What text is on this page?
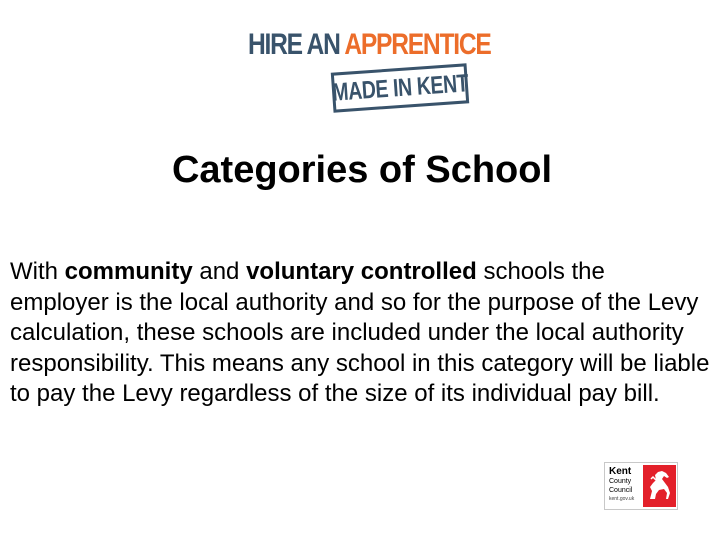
HIRE AN APPRENTICE
MADE IN KENT
Categories of School

With community and voluntary controlled schools the employer is the local authority and so for the purpose of the Levy calculation, these schools are included under the local authority responsibility. This means any school in this category will be liable to pay the Levy regardless of the size of its individual pay bill.

Kent
County
Council
kent.gov.uk
